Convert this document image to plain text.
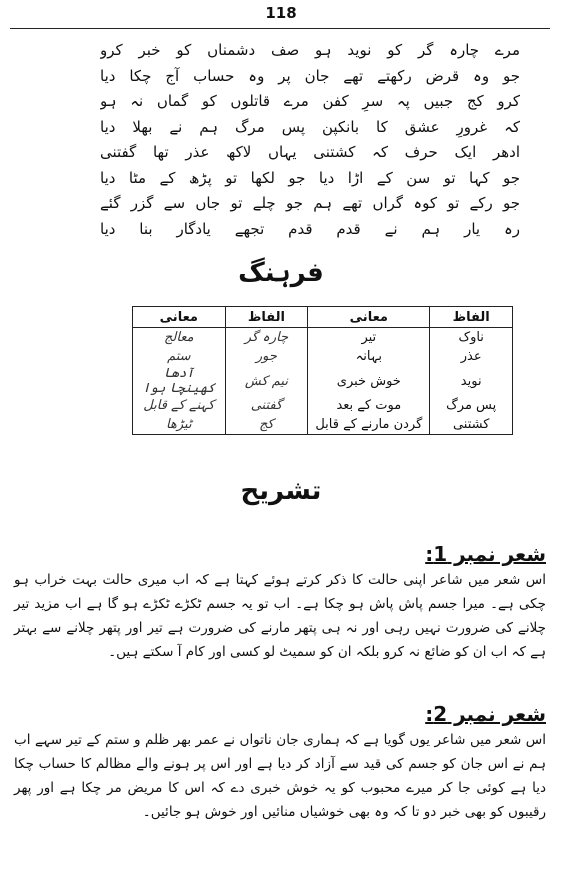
118
مرے چارہ گر کو نوید ہو صف دشمناں کو خبر کرو
جو وہ قرض رکھتے تھے جان پر وہ حساب آج چکا دیا
کرو کج جبیں پہ سرِ کفن مرے قاتلوں کو گماں نہ ہو
کہ غرورِ عشق کا بانکپن پس مرگ ہم نے بھلا دیا
ادھر ایک حرف کہ کشتنی یہاں لاکھ عذر تھا گفتنی
جو کہا تو سن کے اڑا دیا جو لکھا تو پڑھ کے مٹا دیا
جو رکے تو کوہ گراں تھے ہم جو چلے تو جاں سے گزر گئے
رہ یار ہم نے قدم قدم تجھے یادگار بنا دیا
فرہنگ
الفاظ	معانی	الفاظ	معانی
ناوک	تیر	چارہ گر	معالج
عذر	بہانہ	جور	ستم
نوید	خوش خبری	نیم کش	آدھا کھینچا ہوا
پس مرگ	موت کے بعد	گفتنی	کہنے کے قابل
کشتنی	گردن مارنے کے قابل	کج	ٹیڑھا
تشریح
شعر نمبر 1:

اس شعر میں شاعر اپنی حالت کا ذکر کرتے ہوئے کہتا ہے کہ اب میری حالت بہت خراب ہو چکی ہے۔ میرا جسم پاش پاش ہو چکا ہے۔ اب تو یہ جسم ٹکڑے ٹکڑے ہو گا ہے اب مزید تیر چلانے کی ضرورت نہیں رہی اور نہ ہی پتھر مارنے کی ضرورت ہے تیر اور پتھر چلانے سے بہتر ہے کہ اب ان کو ضائع نہ کرو بلکہ ان کو سمیٹ لو کسی اور کام آ سکتے ہیں۔

شعر نمبر 2:

اس شعر میں شاعر یوں گویا ہے کہ ہماری جان ناتواں نے عمر بھر ظلم و ستم کے تیر سہے اب ہم نے اس جان کو جسم کی قید سے آزاد کر دیا ہے اور اس پر ہونے والے مظالم کا حساب چکا دیا ہے کوئی جا کر میرے محبوب کو یہ خوش خبری دے کہ اس کا مریض مر چکا ہے اور پھر رقیبوں کو بھی خبر دو تا کہ وہ بھی خوشیاں منائیں اور خوش ہو جائیں۔
